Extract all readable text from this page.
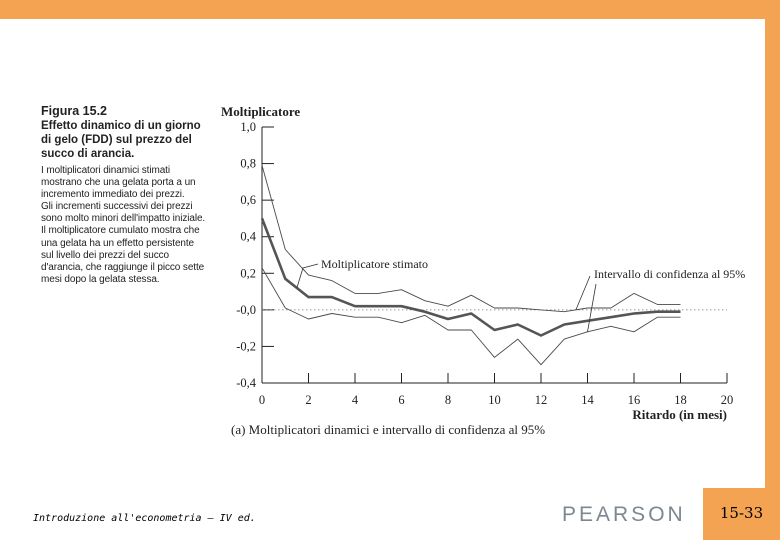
Figura 15.2
Effetto dinamico di un giorno di gelo (FDD) sul prezzo del succo di arancia.

I moltiplicatori dinamici stimati mostrano che una gelata porta a un incremento immediato dei prezzi.

Gli incrementi successivi dei prezzi sono molto minori dell'impatto iniziale.

Il moltiplicatore cumulato mostra che una gelata ha un effetto persistente sul livello dei prezzi del succo d'arancia, che raggiunge il picco sette mesi dopo la gelata stessa.

1,0
0,8
0,6
0,4
0,2
-0,0
-0,2
-0,4
0	2	4	6	8	10	12	14	16	18	20
Moltiplicatore
Ritardo (in mesi)
(a) Moltiplicatori dinamici e intervallo di confidenza al 95%
Moltiplicatore stimato
Intervallo di confidenza al 95%
Introduzione all'econometria – IV ed.	PEARSON	15-33
